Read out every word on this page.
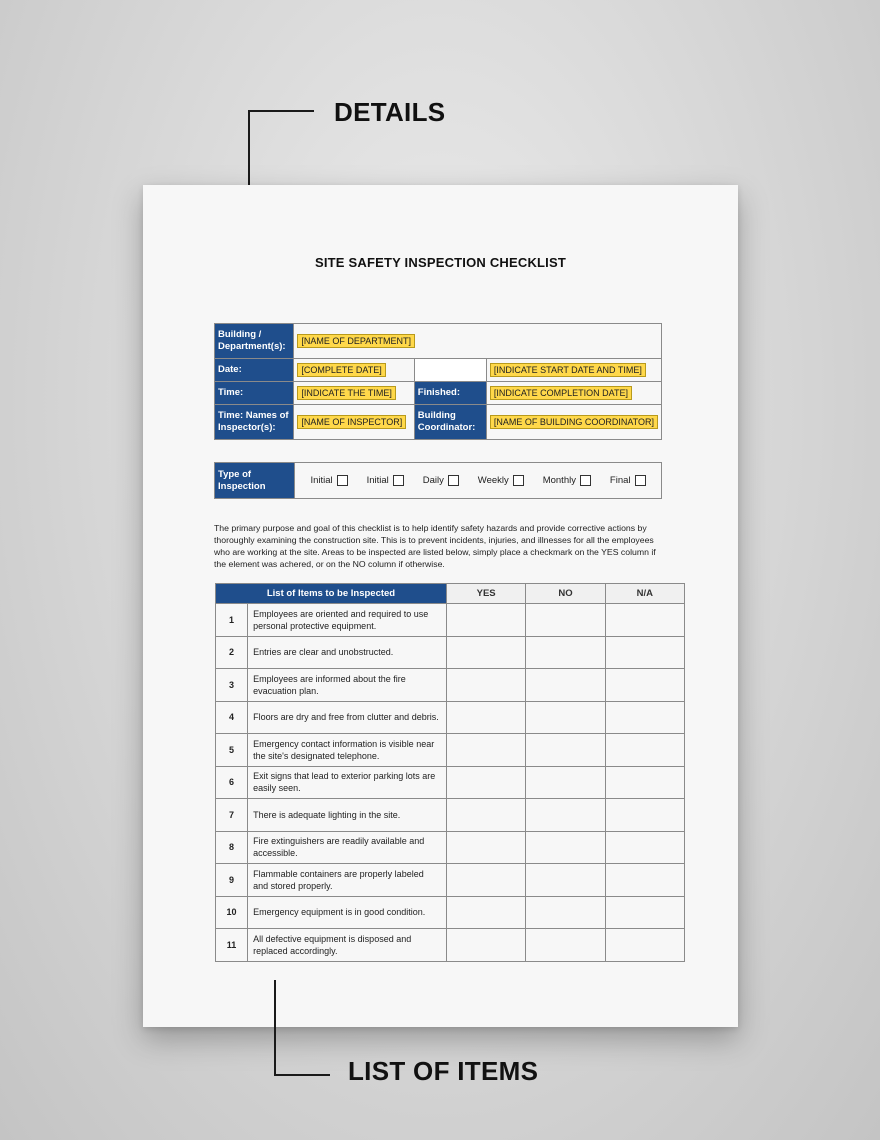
DETAILS
SITE SAFETY INSPECTION CHECKLIST
Building / Department(s):	[NAME OF DEPARTMENT]		
Date:	[COMPLETE DATE]	Start:	[INDICATE START DATE AND TIME]
Time:	[INDICATE THE TIME]	Finished:	[INDICATE COMPLETION DATE]
Time: Names of Inspector(s):	[NAME OF INSPECTOR]	Building Coordinator:	[NAME OF BUILDING COORDINATOR]
Type of Inspection	Initial	Initial	Daily	Weekly	Monthly	Final

The primary purpose and goal of this checklist is to help identify safety hazards and provide corrective actions by thoroughly examining the construction site. This is to prevent incidents, injuries, and illnesses for all the employees who are working at the site. Areas to be inspected are listed below, simply place a checkmark on the YES column if the element was achered, or on the NO column if otherwise.

List of Items to be Inspected		YES	NO	N/A
1	Employees are oriented and required to use personal protective equipment.			
2	Entries are clear and unobstructed.			
3	Employees are informed about the fire evacuation plan.			
4	Floors are dry and free from clutter and debris.			
5	Emergency contact information is visible near the site's designated telephone.			
6	Exit signs that lead to exterior parking lots are easily seen.			
7	There is adequate lighting in the site.			
8	Fire extinguishers are readily available and accessible.			
9	Flammable containers are properly labeled and stored properly.			
10	Emergency equipment is in good condition.			
11	All defective equipment is disposed and replaced accordingly.			
LIST OF ITEMS
